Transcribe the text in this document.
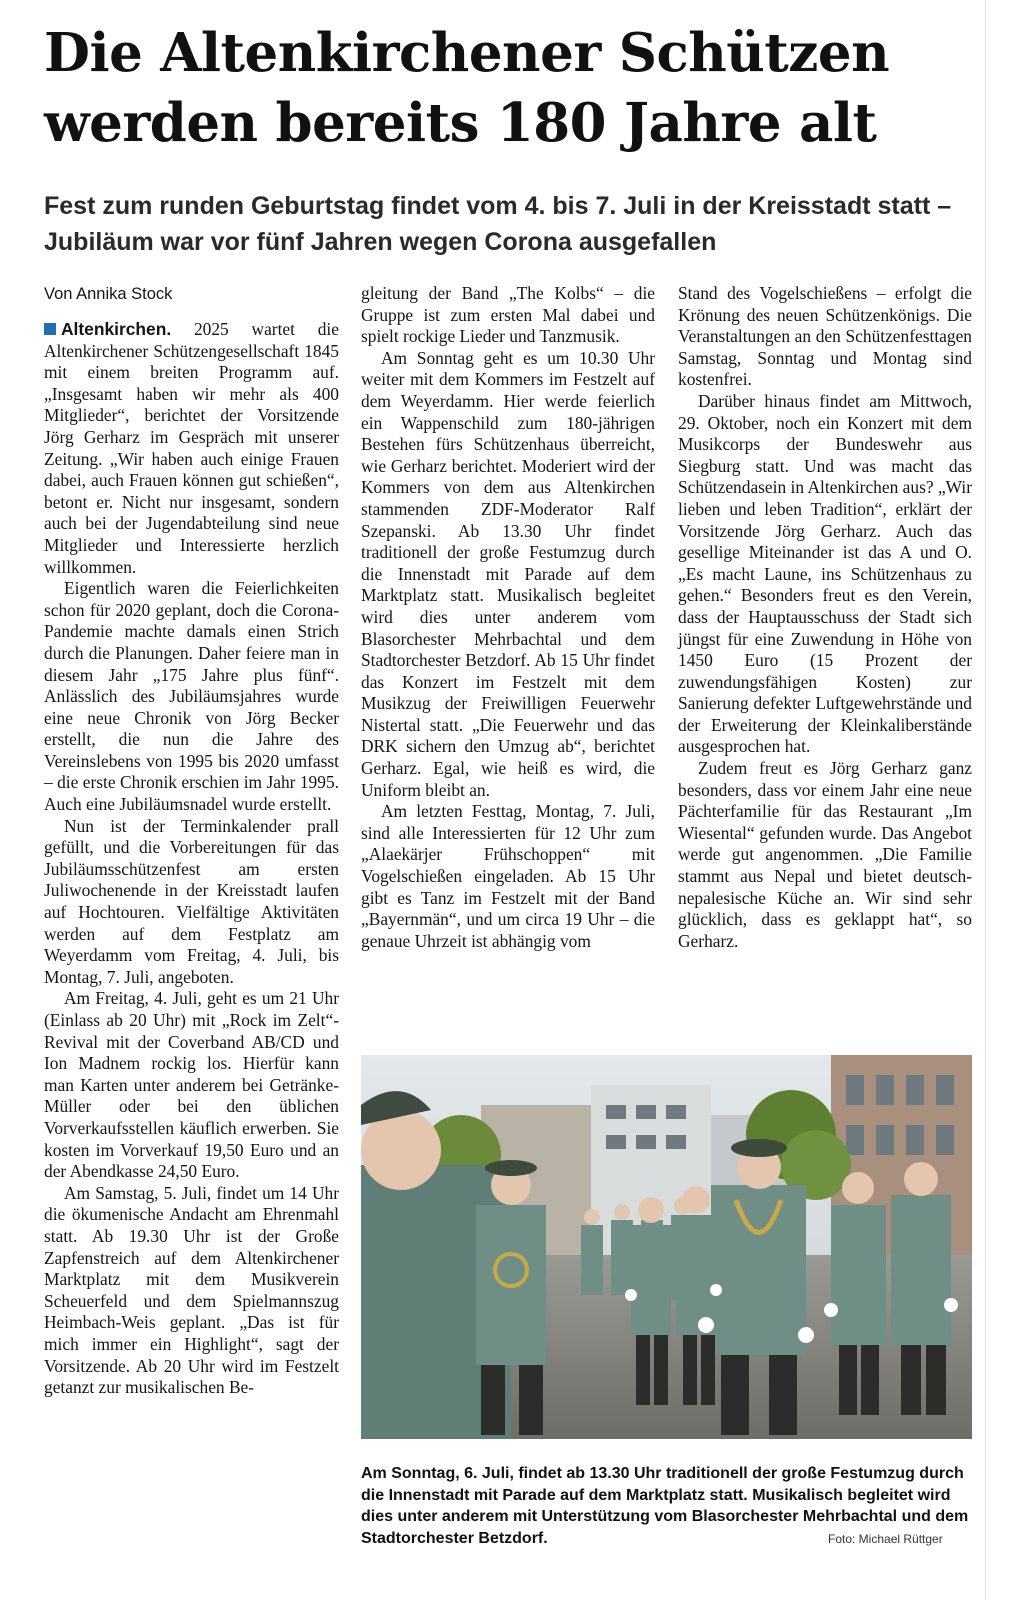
Die Altenkirchener Schützen werden bereits 180 Jahre alt
Fest zum runden Geburtstag findet vom 4. bis 7. Juli in der Kreisstadt statt – Jubiläum war vor fünf Jahren wegen Corona ausgefallen

Von Annika Stock

Altenkirchen. 2025 wartet die Altenkirchener Schützengesellschaft 1845 mit einem breiten Programm auf. „Insgesamt haben wir mehr als 400 Mitglieder“, berichtet der Vorsitzende Jörg Gerharz im Gespräch mit unserer Zeitung. „Wir haben auch einige Frauen dabei, auch Frauen können gut schießen“, betont er. Nicht nur insgesamt, sondern auch bei der Jugendabteilung sind neue Mitglieder und Interessierte herzlich willkommen.

Eigentlich waren die Feierlichkeiten schon für 2020 geplant, doch die Corona-Pandemie machte damals einen Strich durch die Planungen. Daher feiere man in diesem Jahr „175 Jahre plus fünf“. Anlässlich des Jubiläumsjahres wurde eine neue Chronik von Jörg Becker erstellt, die nun die Jahre des Vereinslebens von 1995 bis 2020 umfasst – die erste Chronik erschien im Jahr 1995. Auch eine Jubiläumsnadel wurde erstellt.

Nun ist der Terminkalender prall gefüllt, und die Vorbereitungen für das Jubiläumsschützenfest am ersten Juliwochenende in der Kreisstadt laufen auf Hochtouren. Vielfältige Aktivitäten werden auf dem Festplatz am Weyerdamm vom Freitag, 4. Juli, bis Montag, 7. Juli, angeboten.

Am Freitag, 4. Juli, geht es um 21 Uhr (Einlass ab 20 Uhr) mit „Rock im Zelt“-Revival mit der Coverband AB/CD und Ion Madnem rockig los. Hierfür kann man Karten unter anderem bei Getränke-Müller oder bei den üblichen Vorverkaufsstellen käuflich erwerben. Sie kosten im Vorverkauf 19,50 Euro und an der Abendkasse 24,50 Euro.

Am Samstag, 5. Juli, findet um 14 Uhr die ökumenische Andacht am Ehrenmahl statt. Ab 19.30 Uhr ist der Große Zapfenstreich auf dem Altenkirchener Marktplatz mit dem Musikverein Scheuerfeld und dem Spielmannszug Heimbach-Weis geplant. „Das ist für mich immer ein Highlight“, sagt der Vorsitzende. Ab 20 Uhr wird im Festzelt getanzt zur musikalischen Be-

gleitung der Band „The Kolbs“ – die Gruppe ist zum ersten Mal dabei und spielt rockige Lieder und Tanzmusik.

Am Sonntag geht es um 10.30 Uhr weiter mit dem Kommers im Festzelt auf dem Weyerdamm. Hier werde feierlich ein Wappenschild zum 180-jährigen Bestehen fürs Schützenhaus überreicht, wie Gerharz berichtet. Moderiert wird der Kommers von dem aus Altenkirchen stammenden ZDF-Moderator Ralf Szepanski. Ab 13.30 Uhr findet traditionell der große Festumzug durch die Innenstadt mit Parade auf dem Marktplatz statt. Musikalisch begleitet wird dies unter anderem vom Blasorchester Mehrbachtal und dem Stadtorchester Betzdorf. Ab 15 Uhr findet das Konzert im Festzelt mit dem Musikzug der Freiwilligen Feuerwehr Nistertal statt. „Die Feuerwehr und das DRK sichern den Umzug ab“, berichtet Gerharz. Egal, wie heiß es wird, die Uniform bleibt an.

Am letzten Festtag, Montag, 7. Juli, sind alle Interessierten für 12 Uhr zum „Alaekärjer Frühschoppen“ mit Vogelschießen eingeladen. Ab 15 Uhr gibt es Tanz im Festzelt mit der Band „Bayernmän“, und um circa 19 Uhr – die genaue Uhrzeit ist abhängig vom

Stand des Vogelschießens – erfolgt die Krönung des neuen Schützenkönigs. Die Veranstaltungen an den Schützenfesttagen Samstag, Sonntag und Montag sind kostenfrei.

Darüber hinaus findet am Mittwoch, 29. Oktober, noch ein Konzert mit dem Musikcorps der Bundeswehr aus Siegburg statt. Und was macht das Schützendasein in Altenkirchen aus? „Wir lieben und leben Tradition“, erklärt der Vorsitzende Jörg Gerharz. Auch das gesellige Miteinander ist das A und O. „Es macht Laune, ins Schützenhaus zu gehen.“ Besonders freut es den Verein, dass der Hauptausschuss der Stadt sich jüngst für eine Zuwendung in Höhe von 1450 Euro (15 Prozent der zuwendungsfähigen Kosten) zur Sanierung defekter Luftgewehrstände und der Erweiterung der Kleinkaliberstände ausgesprochen hat.

Zudem freut es Jörg Gerharz ganz besonders, dass vor einem Jahr eine neue Pächterfamilie für das Restaurant „Im Wiesental“ gefunden wurde. Das Angebot werde gut angenommen. „Die Familie stammt aus Nepal und bietet deutsch-nepalesische Küche an. Wir sind sehr glücklich, dass es geklappt hat“, so Gerharz.

Am Sonntag, 6. Juli, findet ab 13.30 Uhr traditionell der große Festumzug durch die Innenstadt mit Parade auf dem Marktplatz statt. Musikalisch begleitet wird dies unter anderem mit Unterstützung vom Blasorchester Mehrbachtal und dem Stadtorchester Betzdorf.	Foto: Michael Rüttger
